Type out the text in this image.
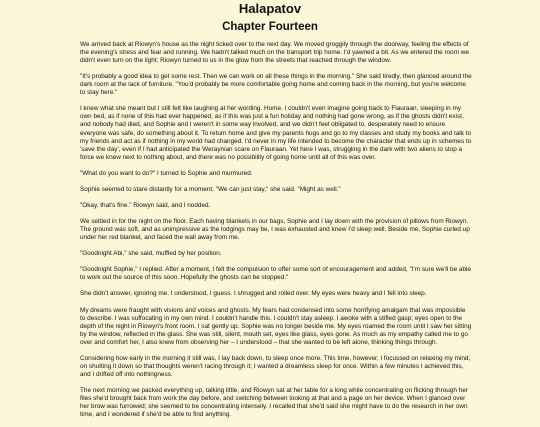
Halapatov
Chapter Fourteen

We arrived back at Riowyn's house as the night ticked over to the next day. We moved groggily through the doorway, feeling the effects of the evening's stress and fear and running. We hadn't talked much on the transport trip home. I'd yawned a bit. As we entered the room we didn't even turn on the light; Riowyn turned to us in the glow from the streets that reached through the window.

"It's probably a good idea to get some rest. Then we can work on all these things in the morning." She said tiredly, then glanced around the dark room at the lack of furniture. "You'd probably be more comfortable going home and coming back in the morning, but you're welcome to stay here."

I knew what she meant but I still felt like laughing at her wording. Home. I couldn't even imagine going back to Flauraan, sleeping in my own bed, as if none of this had ever happened, as if this was just a fun holiday and nothing had gone wrong, as if the ghosts didn't exist, and nobody had died, and Sophie and I weren't in some way involved, and we didn't feel obligated to, desperately need to ensure everyone was safe, do something about it. To return home and give my parents hugs and go to my classes and study my books and talk to my friends and act as if nothing in my world had changed. I'd never in my life intended to become the character that ends up in schemes to 'save the day', even if I had anticipated the Weraynian scare on Flauraan. Yet here I was, struggling in the dark with two aliens to stop a force we knew next to nothing about, and there was no possibility of going home until all of this was over.

"What do you want to do?" I turned to Sophie and murmured.

Sophie seemed to stare distantly for a moment. "We can just stay," she said. "Might as well."

"Okay, that's fine." Riowyn said, and I nodded.

We settled in for the night on the floor. Each having blankets in our bags, Sophie and I lay down with the provision of pillows from Riowyn. The ground was soft, and as unimpressive as the lodgings may be, I was exhausted and knew I'd sleep well. Beside me, Sophie curled up under her red blanket, and faced the wall away from me.

"Goodnight Abi," she said, muffled by her position.

"Goodnight Sophie," I replied. After a moment, I felt the compulsion to offer some sort of encouragement and added, "I'm sure we'll be able to work out the source of this soon. Hopefully the ghosts can be stopped."

She didn't answer, ignoring me. I understood, I guess. I shrugged and rolled over. My eyes were heavy and I fell into sleep.

My dreams were fraught with visions and voices and ghosts. My fears had condensed into some horrifying amalgam that was impossible to describe. I was suffocating in my own mind. I couldn't handle this. I couldn't stay asleep. I awoke with a stifled gasp; eyes open to the depth of the night in Riowyn's front room. I sat gently up. Sophie was no longer beside me. My eyes roamed the room until I saw her sitting by the window, reflected in the glass. She was still, silent, mouth set, eyes like glass, eyes gone. As much as my empathy called me to go over and comfort her, I also knew from observing her – I understood – that she wanted to be left alone, thinking things through.

Considering how early in the morning it still was, I lay back down, to sleep once more. This time, however, I focussed on relaxing my mind, on shutting it down so that thoughts weren't racing through it; I wanted a dreamless sleep for once. Within a few minutes I achieved this, and I drifted off into nothingness.

The next morning we packed everything up, talking little, and Riowyn sat at her table for a long while concentrating on flicking through her files she'd brought back from work the day before, and switching between looking at that and a page on her device. When I glanced over her brow was furrowed; she seemed to be concentrating intensely. I recalled that she'd said she might have to do the research in her own time, and I wondered if she'd be able to find anything.
